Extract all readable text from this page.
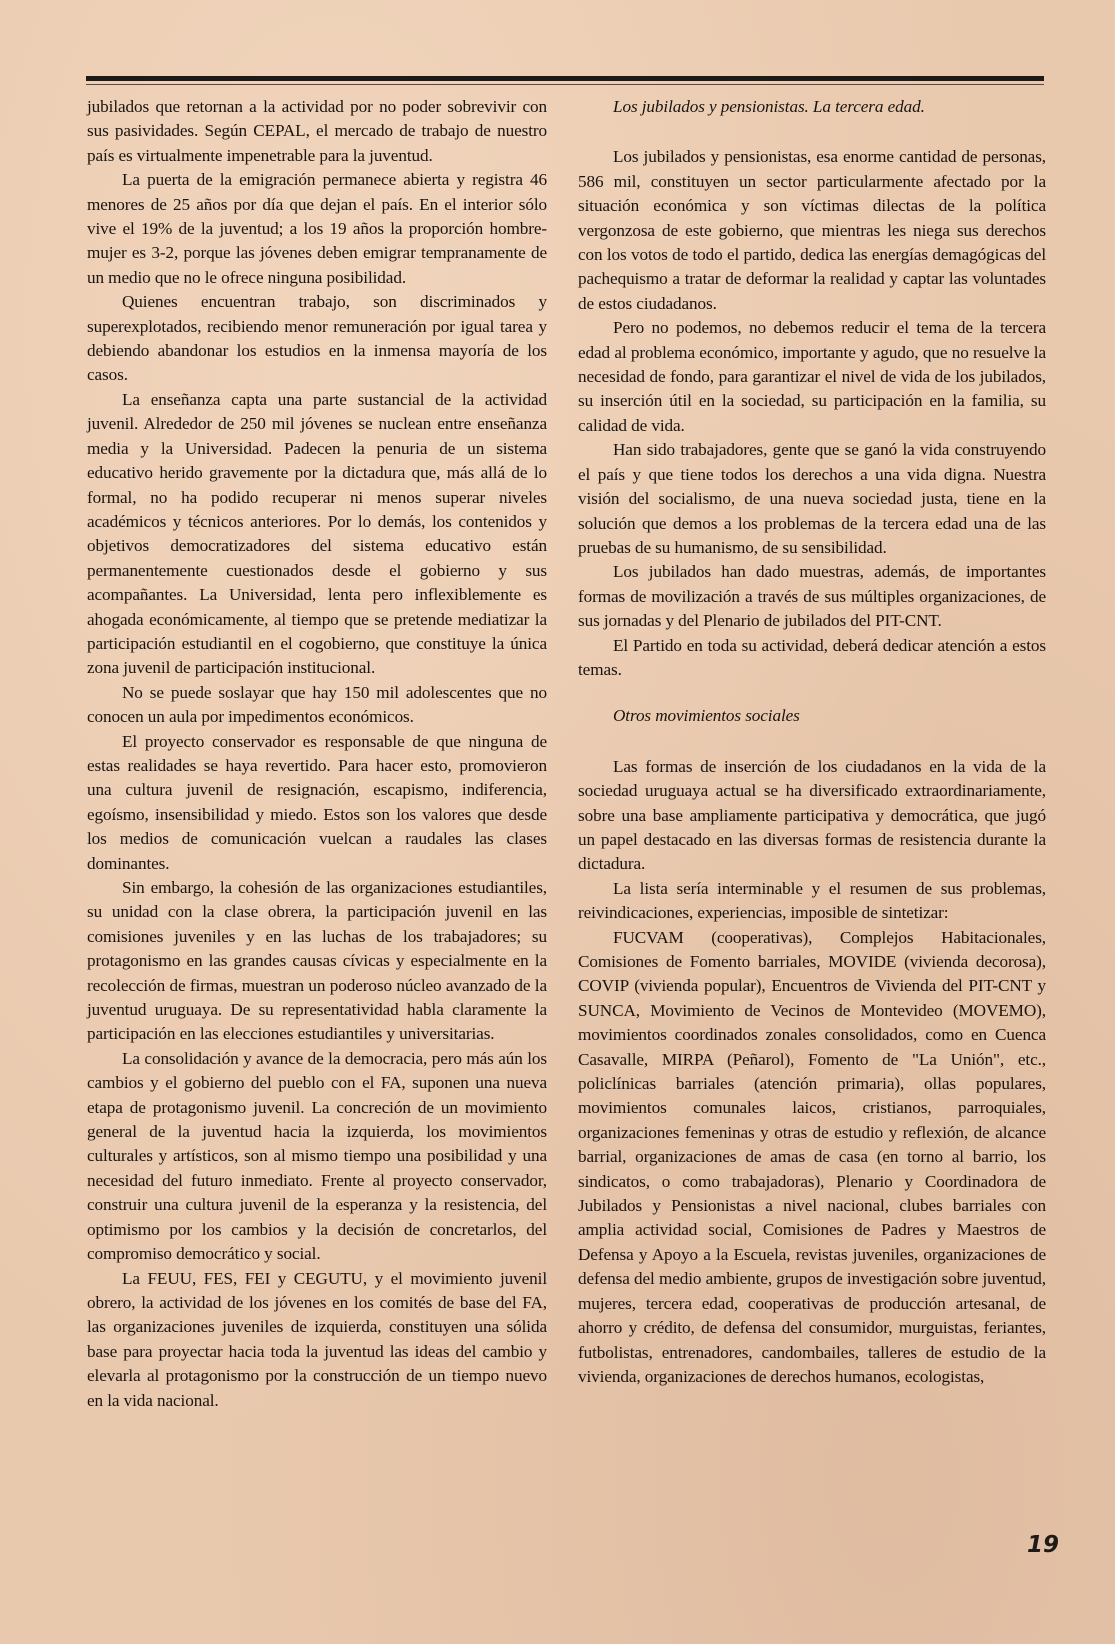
jubilados que retornan a la actividad por no poder sobrevivir con sus pasividades. Según CEPAL, el mercado de trabajo de nuestro país es virtualmente impenetrable para la juventud.

La puerta de la emigración permanece abierta y registra 46 menores de 25 años por día que dejan el país. En el interior sólo vive el 19% de la juventud; a los 19 años la proporción hombre-mujer es 3-2, porque las jóvenes deben emigrar tempranamente de un medio que no le ofrece ninguna posibilidad.

Quienes encuentran trabajo, son discriminados y superexplotados, recibiendo menor remuneración por igual tarea y debiendo abandonar los estudios en la inmensa mayoría de los casos.

La enseñanza capta una parte sustancial de la actividad juvenil. Alrededor de 250 mil jóvenes se nuclean entre enseñanza media y la Universidad. Padecen la penuria de un sistema educativo herido gravemente por la dictadura que, más allá de lo formal, no ha podido recuperar ni menos superar niveles académicos y técnicos anteriores. Por lo demás, los contenidos y objetivos democratizadores del sistema educativo están permanentemente cuestionados desde el gobierno y sus acompañantes. La Universidad, lenta pero inflexiblemente es ahogada económicamente, al tiempo que se pretende mediatizar la participación estudiantil en el cogobierno, que constituye la única zona juvenil de participación institucional.

No se puede soslayar que hay 150 mil adolescentes que no conocen un aula por impedimentos económicos.

El proyecto conservador es responsable de que ninguna de estas realidades se haya revertido. Para hacer esto, promovieron una cultura juvenil de resignación, escapismo, indiferencia, egoísmo, insensibilidad y miedo. Estos son los valores que desde los medios de comunicación vuelcan a raudales las clases dominantes.

Sin embargo, la cohesión de las organizaciones estudiantiles, su unidad con la clase obrera, la participación juvenil en las comisiones juveniles y en las luchas de los trabajadores; su protagonismo en las grandes causas cívicas y especialmente en la recolección de firmas, muestran un poderoso núcleo avanzado de la juventud uruguaya. De su representatividad habla claramente la participación en las elecciones estudiantiles y universitarias.

La consolidación y avance de la democracia, pero más aún los cambios y el gobierno del pueblo con el FA, suponen una nueva etapa de protagonismo juvenil. La concreción de un movimiento general de la juventud hacia la izquierda, los movimientos culturales y artísticos, son al mismo tiempo una posibilidad y una necesidad del futuro inmediato. Frente al proyecto conservador, construir una cultura juvenil de la esperanza y la resistencia, del optimismo por los cambios y la decisión de concretarlos, del compromiso democrático y social.

La FEUU, FES, FEI y CEGUTU, y el movimiento juvenil obrero, la actividad de los jóvenes en los comités de base del FA, las organizaciones juveniles de izquierda, constituyen una sólida base para proyectar hacia toda la juventud las ideas del cambio y elevarla al protagonismo por la construcción de un tiempo nuevo en la vida nacional.

Los jubilados y pensionistas. La tercera edad.

Los jubilados y pensionistas, esa enorme cantidad de personas, 586 mil, constituyen un sector particularmente afectado por la situación económica y son víctimas dilectas de la política vergonzosa de este gobierno, que mientras les niega sus derechos con los votos de todo el partido, dedica las energías demagógicas del pachequismo a tratar de deformar la realidad y captar las voluntades de estos ciudadanos.

Pero no podemos, no debemos reducir el tema de la tercera edad al problema económico, importante y agudo, que no resuelve la necesidad de fondo, para garantizar el nivel de vida de los jubilados, su inserción útil en la sociedad, su participación en la familia, su calidad de vida.

Han sido trabajadores, gente que se ganó la vida construyendo el país y que tiene todos los derechos a una vida digna. Nuestra visión del socialismo, de una nueva sociedad justa, tiene en la solución que demos a los problemas de la tercera edad una de las pruebas de su humanismo, de su sensibilidad.

Los jubilados han dado muestras, además, de importantes formas de movilización a través de sus múltiples organizaciones, de sus jornadas y del Plenario de jubilados del PIT-CNT.

El Partido en toda su actividad, deberá dedicar atención a estos temas.

Otros movimientos sociales

Las formas de inserción de los ciudadanos en la vida de la sociedad uruguaya actual se ha diversificado extraordinariamente, sobre una base ampliamente participativa y democrática, que jugó un papel destacado en las diversas formas de resistencia durante la dictadura.

La lista sería interminable y el resumen de sus problemas, reivindicaciones, experiencias, imposible de sintetizar:

FUCVAM (cooperativas), Complejos Habitacionales, Comisiones de Fomento barriales, MOVIDE (vivienda decorosa), COVIP (vivienda popular), Encuentros de Vivienda del PIT-CNT y SUNCA, Movimiento de Vecinos de Montevideo (MOVEMO), movimientos coordinados zonales consolidados, como en Cuenca Casavalle, MIRPA (Peñarol), Fomento de "La Unión", etc., policlínicas barriales (atención primaria), ollas populares, movimientos comunales laicos, cristianos, parroquiales, organizaciones femeninas y otras de estudio y reflexión, de alcance barrial, organizaciones de amas de casa (en torno al barrio, los sindicatos, o como trabajadoras), Plenario y Coordinadora de Jubilados y Pensionistas a nivel nacional, clubes barriales con amplia actividad social, Comisiones de Padres y Maestros de Defensa y Apoyo a la Escuela, revistas juveniles, organizaciones de defensa del medio ambiente, grupos de investigación sobre juventud, mujeres, tercera edad, cooperativas de producción artesanal, de ahorro y crédito, de defensa del consumidor, murguistas, feriantes, futbolistas, entrenadores, candombailes, talleres de estudio de la vivienda, organizaciones de derechos humanos, ecologistas,

19
